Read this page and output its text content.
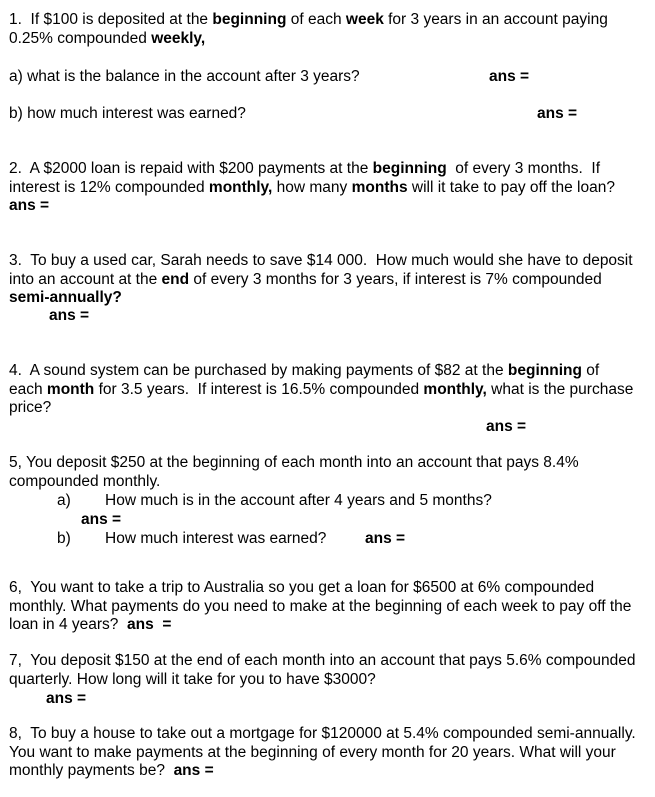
1.  If $100 is deposited at the beginning of each week for 3 years in an account paying 0.25% compounded weekly,

a) what is the balance in the account after 3 years?	ans =
b) how much interest was earned?	ans =

2.  A $2000 loan is repaid with $200 payments at the beginning  of every 3 months.  If interest is 12% compounded monthly, how many months will it take to pay off the loan? ans =

3.  To buy a used car, Sarah needs to save $14 000.  How much would she have to deposit into an account at the end of every 3 months for 3 years, if interest is 7% compounded semi-annually?

ans =

4.  A sound system can be purchased by making payments of $82 at the beginning of each month for 3.5 years.  If interest is 16.5% compounded monthly, what is the purchase price?

ans =

5, You deposit $250 at the beginning of each month into an account that pays 8.4% compounded monthly.

a) How much is in the account after 4 years and 5 months?
ans =
b) How much interest was earned? ans =

6,  You want to take a trip to Australia so you get a loan for $6500 at 6% compounded monthly. What payments do you need to make at the beginning of each week to pay off the loan in 4 years?  ans  =

7,  You deposit $150 at the end of each month into an account that pays 5.6% compounded quarterly. How long will it take for you to have $3000?

ans =

8,  To buy a house to take out a mortgage for $120000 at 5.4% compounded semi-annually. You want to make payments at the beginning of every month for 20 years. What will your monthly payments be?  ans =
